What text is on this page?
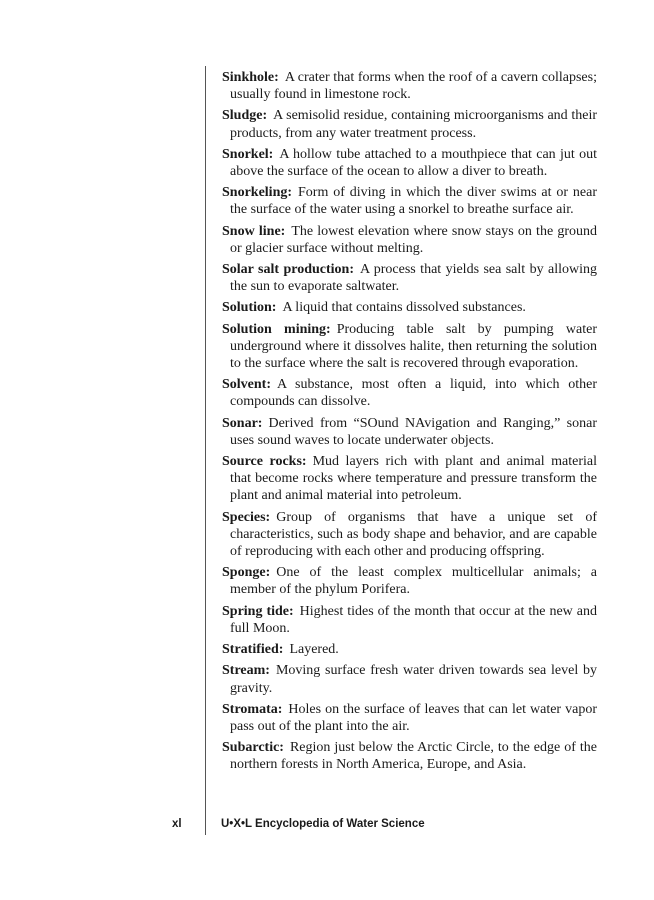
Sinkhole: A crater that forms when the roof of a cavern collapses; usually found in limestone rock.
Sludge: A semisolid residue, containing microorganisms and their products, from any water treatment process.
Snorkel: A hollow tube attached to a mouthpiece that can jut out above the surface of the ocean to allow a diver to breath.
Snorkeling: Form of diving in which the diver swims at or near the surface of the water using a snorkel to breathe surface air.
Snow line: The lowest elevation where snow stays on the ground or glacier surface without melting.
Solar salt production: A process that yields sea salt by allowing the sun to evaporate saltwater.
Solution: A liquid that contains dissolved substances.
Solution mining: Producing table salt by pumping water underground where it dissolves halite, then returning the solution to the surface where the salt is recovered through evaporation.
Solvent: A substance, most often a liquid, into which other compounds can dissolve.
Sonar: Derived from “SOund NAvigation and Ranging,” sonar uses sound waves to locate underwater objects.
Source rocks: Mud layers rich with plant and animal material that become rocks where temperature and pressure transform the plant and animal material into petroleum.
Species: Group of organisms that have a unique set of characteristics, such as body shape and behavior, and are capable of reproducing with each other and producing offspring.
Sponge: One of the least complex multicellular animals; a member of the phylum Porifera.
Spring tide: Highest tides of the month that occur at the new and full Moon.
Stratified: Layered.
Stream: Moving surface fresh water driven towards sea level by gravity.
Stromata: Holes on the surface of leaves that can let water vapor pass out of the plant into the air.
Subarctic: Region just below the Arctic Circle, to the edge of the northern forests in North America, Europe, and Asia.
xl	U•X•L Encyclopedia of Water Science
